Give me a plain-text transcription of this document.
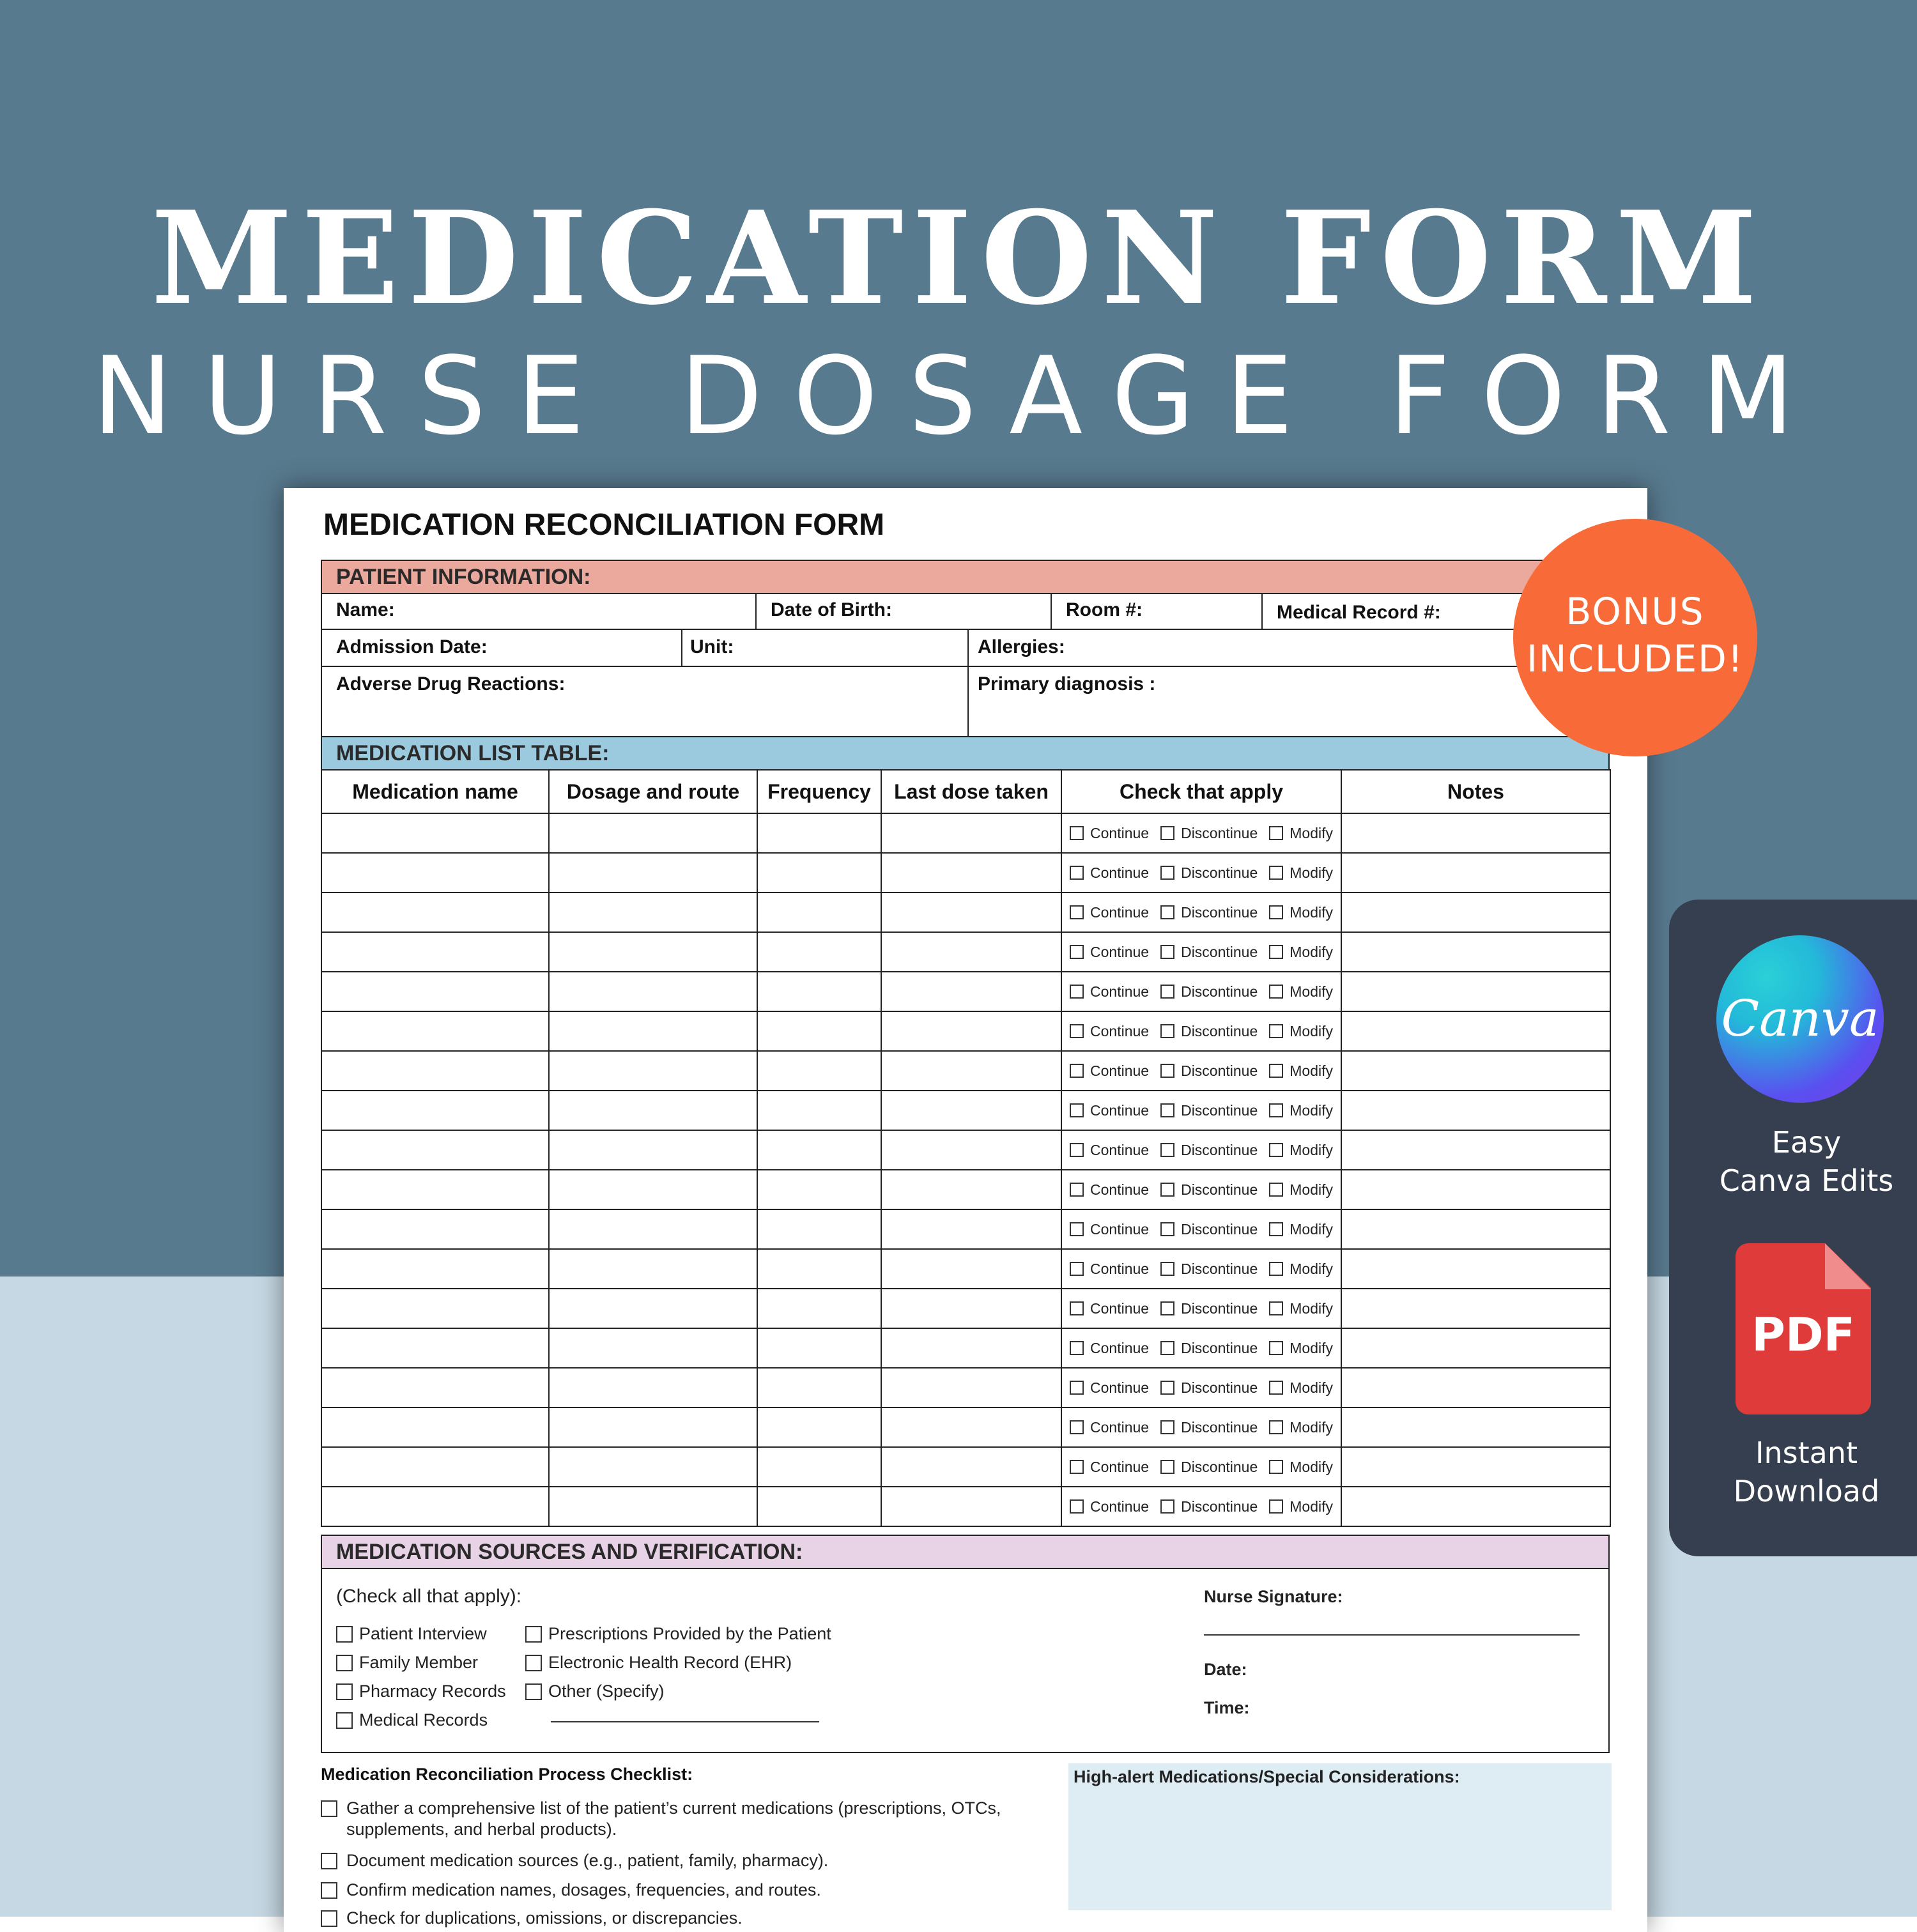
MEDICATION FORM
NURSE DOSAGE FORM
MEDICATION RECONCILIATION FORM
PATIENT INFORMATION:
Name:	Date of Birth:	Room #:	Medical Record #:
Admission Date:	Unit:	Allergies:
Adverse Drug Reactions:	Primary diagnosis :
MEDICATION LIST TABLE:
Medication name	Dosage and route	Frequency	Last dose taken	Check that apply	Notes

				Continue Discontinue Modify	

				Continue Discontinue Modify	

				Continue Discontinue Modify	

				Continue Discontinue Modify	

				Continue Discontinue Modify	

				Continue Discontinue Modify	

				Continue Discontinue Modify	

				Continue Discontinue Modify	

				Continue Discontinue Modify	

				Continue Discontinue Modify	

				Continue Discontinue Modify	

				Continue Discontinue Modify	

				Continue Discontinue Modify	

				Continue Discontinue Modify	

				Continue Discontinue Modify	

				Continue Discontinue Modify	

				Continue Discontinue Modify	

				Continue Discontinue Modify	

MEDICATION SOURCES AND VERIFICATION:
(Check all that apply):
Patient Interview
Family Member
Pharmacy Records
Medical Records
Prescriptions Provided by the Patient
Electronic Health Record (EHR)
Other (Specify)
Nurse Signature:
Date:
Time:
Medication Reconciliation Process Checklist:
Gather a comprehensive list of the patient’s current medications (prescriptions, OTCs, supplements, and herbal products).
Document medication sources (e.g., patient, family, pharmacy).
Confirm medication names, dosages, frequencies, and routes.
Check for duplications, omissions, or discrepancies.
High-alert Medications/Special Considerations:
BONUS
INCLUDED!
Canva
Easy
Canva Edits
PDF
Instant
Download
